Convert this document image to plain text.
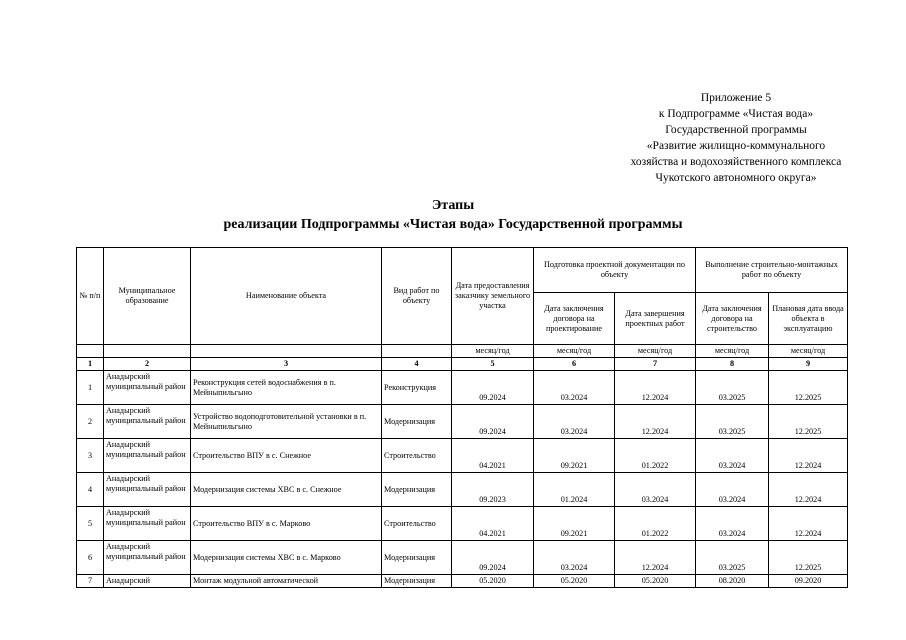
Приложение 5
к Подпрограмме «Чистая вода»
Государственной программы
«Развитие жилищно-коммунального
хозяйства и водохозяйственного комплекса
Чукотского автономного округа»
Этапы
реализации Подпрограммы «Чистая вода» Государственной программы
№ п/п	Муниципальное образование	Наименование объекта	Вид работ по объекту	Дата предоставления заказчику земельного участка	Подготовка проектной документации по объекту		Выполнение строительно-монтажных работ по объекту	
					Дата заключения договора на проектирование	Дата завершения проектных работ	Дата заключения договора на строительство	Плановая дата ввода объекта в эксплуатацию
				месяц/год	месяц/год	месяц/год	месяц/год	месяц/год
1	2	3	4	5	6	7	8	9
1	Анадырский муниципальный район	Реконструкция сетей водоснабжения в п. Мейныпильгыно	Реконструкция	09.2024	03.2024	12.2024	03.2025	12.2025
2	Анадырский муниципальный район	Устройство водоподготовительной установки в п. Мейныпильгыно	Модернизация	09.2024	03.2024	12.2024	03.2025	12.2025
3	Анадырский муниципальный район	Строительство ВПУ в с. Снежное	Строительство	04.2021	09.2021	01.2022	03.2024	12.2024
4	Анадырский муниципальный район	Модернизация системы ХВС в с. Снежное	Модернизация	09.2023	01.2024	03.2024	03.2024	12.2024
5	Анадырский муниципальный район	Строительство ВПУ в с. Марково	Строительство	04.2021	09.2021	01.2022	03.2024	12.2024
6	Анадырский муниципальный район	Модернизация системы ХВС в с. Марково	Модернизация	09.2024	03.2024	12.2024	03.2025	12.2025
7	Анадырский	Монтаж модульной автоматической	Модернизация	05.2020	05.2020	05.2020	08.2020	09.2020
